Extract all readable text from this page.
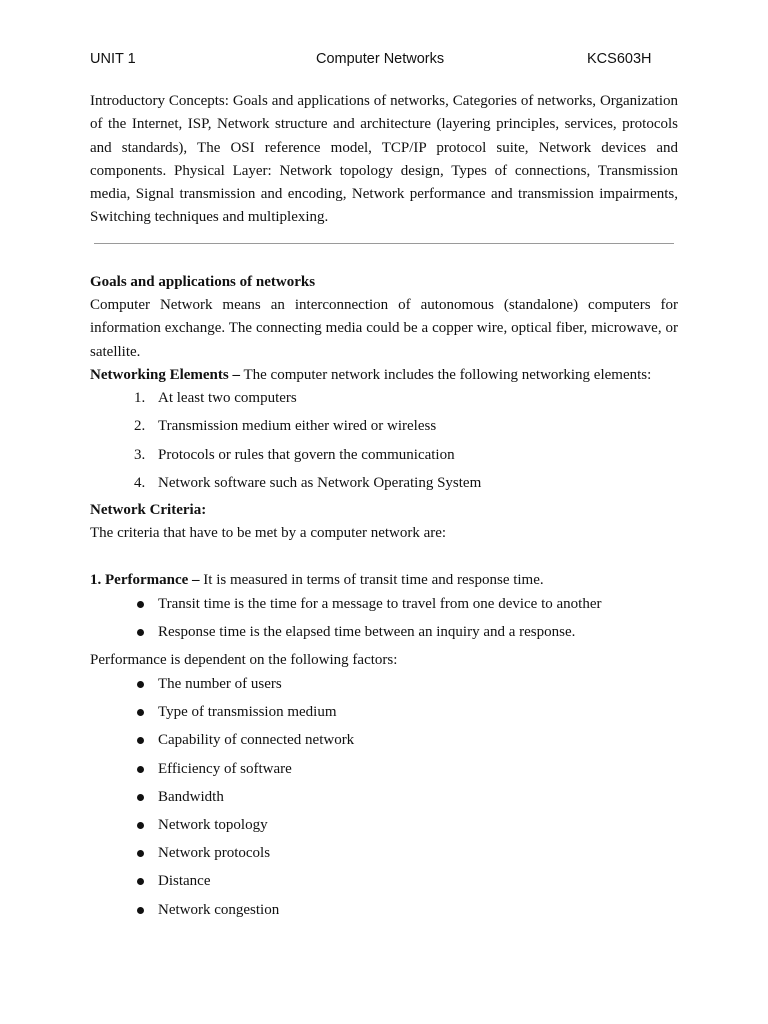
UNIT 1	Computer Networks	KCS603H
Introductory Concepts: Goals and applications of networks, Categories of networks, Organization of the Internet, ISP, Network structure and architecture (layering principles, services, protocols and standards), The OSI reference model, TCP/IP protocol suite, Network devices and components. Physical Layer: Network topology design, Types of connections, Transmission media, Signal transmission and encoding, Network performance and transmission impairments, Switching techniques and multiplexing.
Goals and applications of networks
Computer Network means an interconnection of autonomous (standalone) computers for information exchange. The connecting media could be a copper wire, optical fiber, microwave, or satellite.
Networking Elements – The computer network includes the following networking elements:
1. At least two computers
2. Transmission medium either wired or wireless
3. Protocols or rules that govern the communication
4. Network software such as Network Operating System
Network Criteria:
The criteria that have to be met by a computer network are:
1. Performance – It is measured in terms of transit time and response time.
Transit time is the time for a message to travel from one device to another
Response time is the elapsed time between an inquiry and a response.
Performance is dependent on the following factors:
The number of users
Type of transmission medium
Capability of connected network
Efficiency of software
Bandwidth
Network topology
Network protocols
Distance
Network congestion
